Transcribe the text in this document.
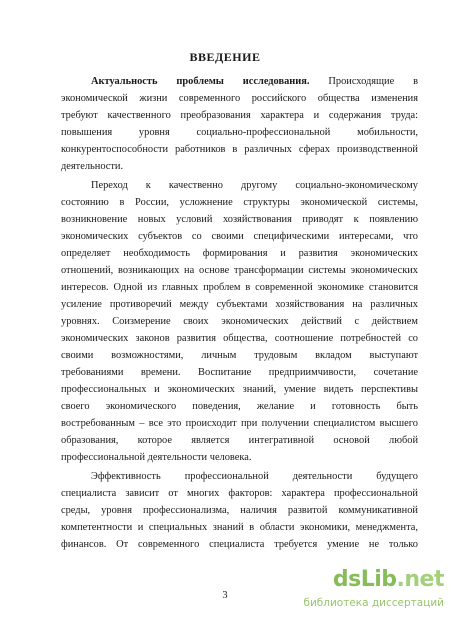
ВВЕДЕНИЕ
Актуальность проблемы исследования. Происходящие в
экономической жизни современного российского общества изменения
требуют качественного преобразования характера и содержания труда:
повышения уровня социально-профессиональной мобильности,
конкурентоспособности работников в различных сферах производственной
деятельности.
Переход к качественно другому социально-экономическому
состоянию в России, усложнение структуры экономической системы,
возникновение новых условий хозяйствования приводят к появлению
экономических субъектов со своими специфическими интересами, что
определяет необходимость формирования и развития экономических
отношений, возникающих на основе трансформации системы экономических
интересов. Одной из главных проблем в современной экономике становится
усиление противоречий между субъектами хозяйствования на различных
уровнях. Соизмерение своих экономических действий с действием
экономических законов развития общества, соотношение потребностей со
своими возможностями, личным трудовым вкладом выступают
требованиями времени. Воспитание предприимчивости, сочетание
профессиональных и экономических знаний, умение видеть перспективы
своего экономического поведения, желание и готовность быть
востребованным – все это происходит при получении специалистом высшего
образования, которое является интегративной основой любой
профессиональной деятельности человека.
Эффективность профессиональной деятельности будущего
специалиста зависит от многих факторов: характера профессиональной
среды, уровня профессионализма, наличия развитой коммуникативной
компетентности и специальных знаний в области экономики, менеджмента,
финансов. От современного специалиста требуется умение не только
3
dsLib.net
библиотека диссертаций
